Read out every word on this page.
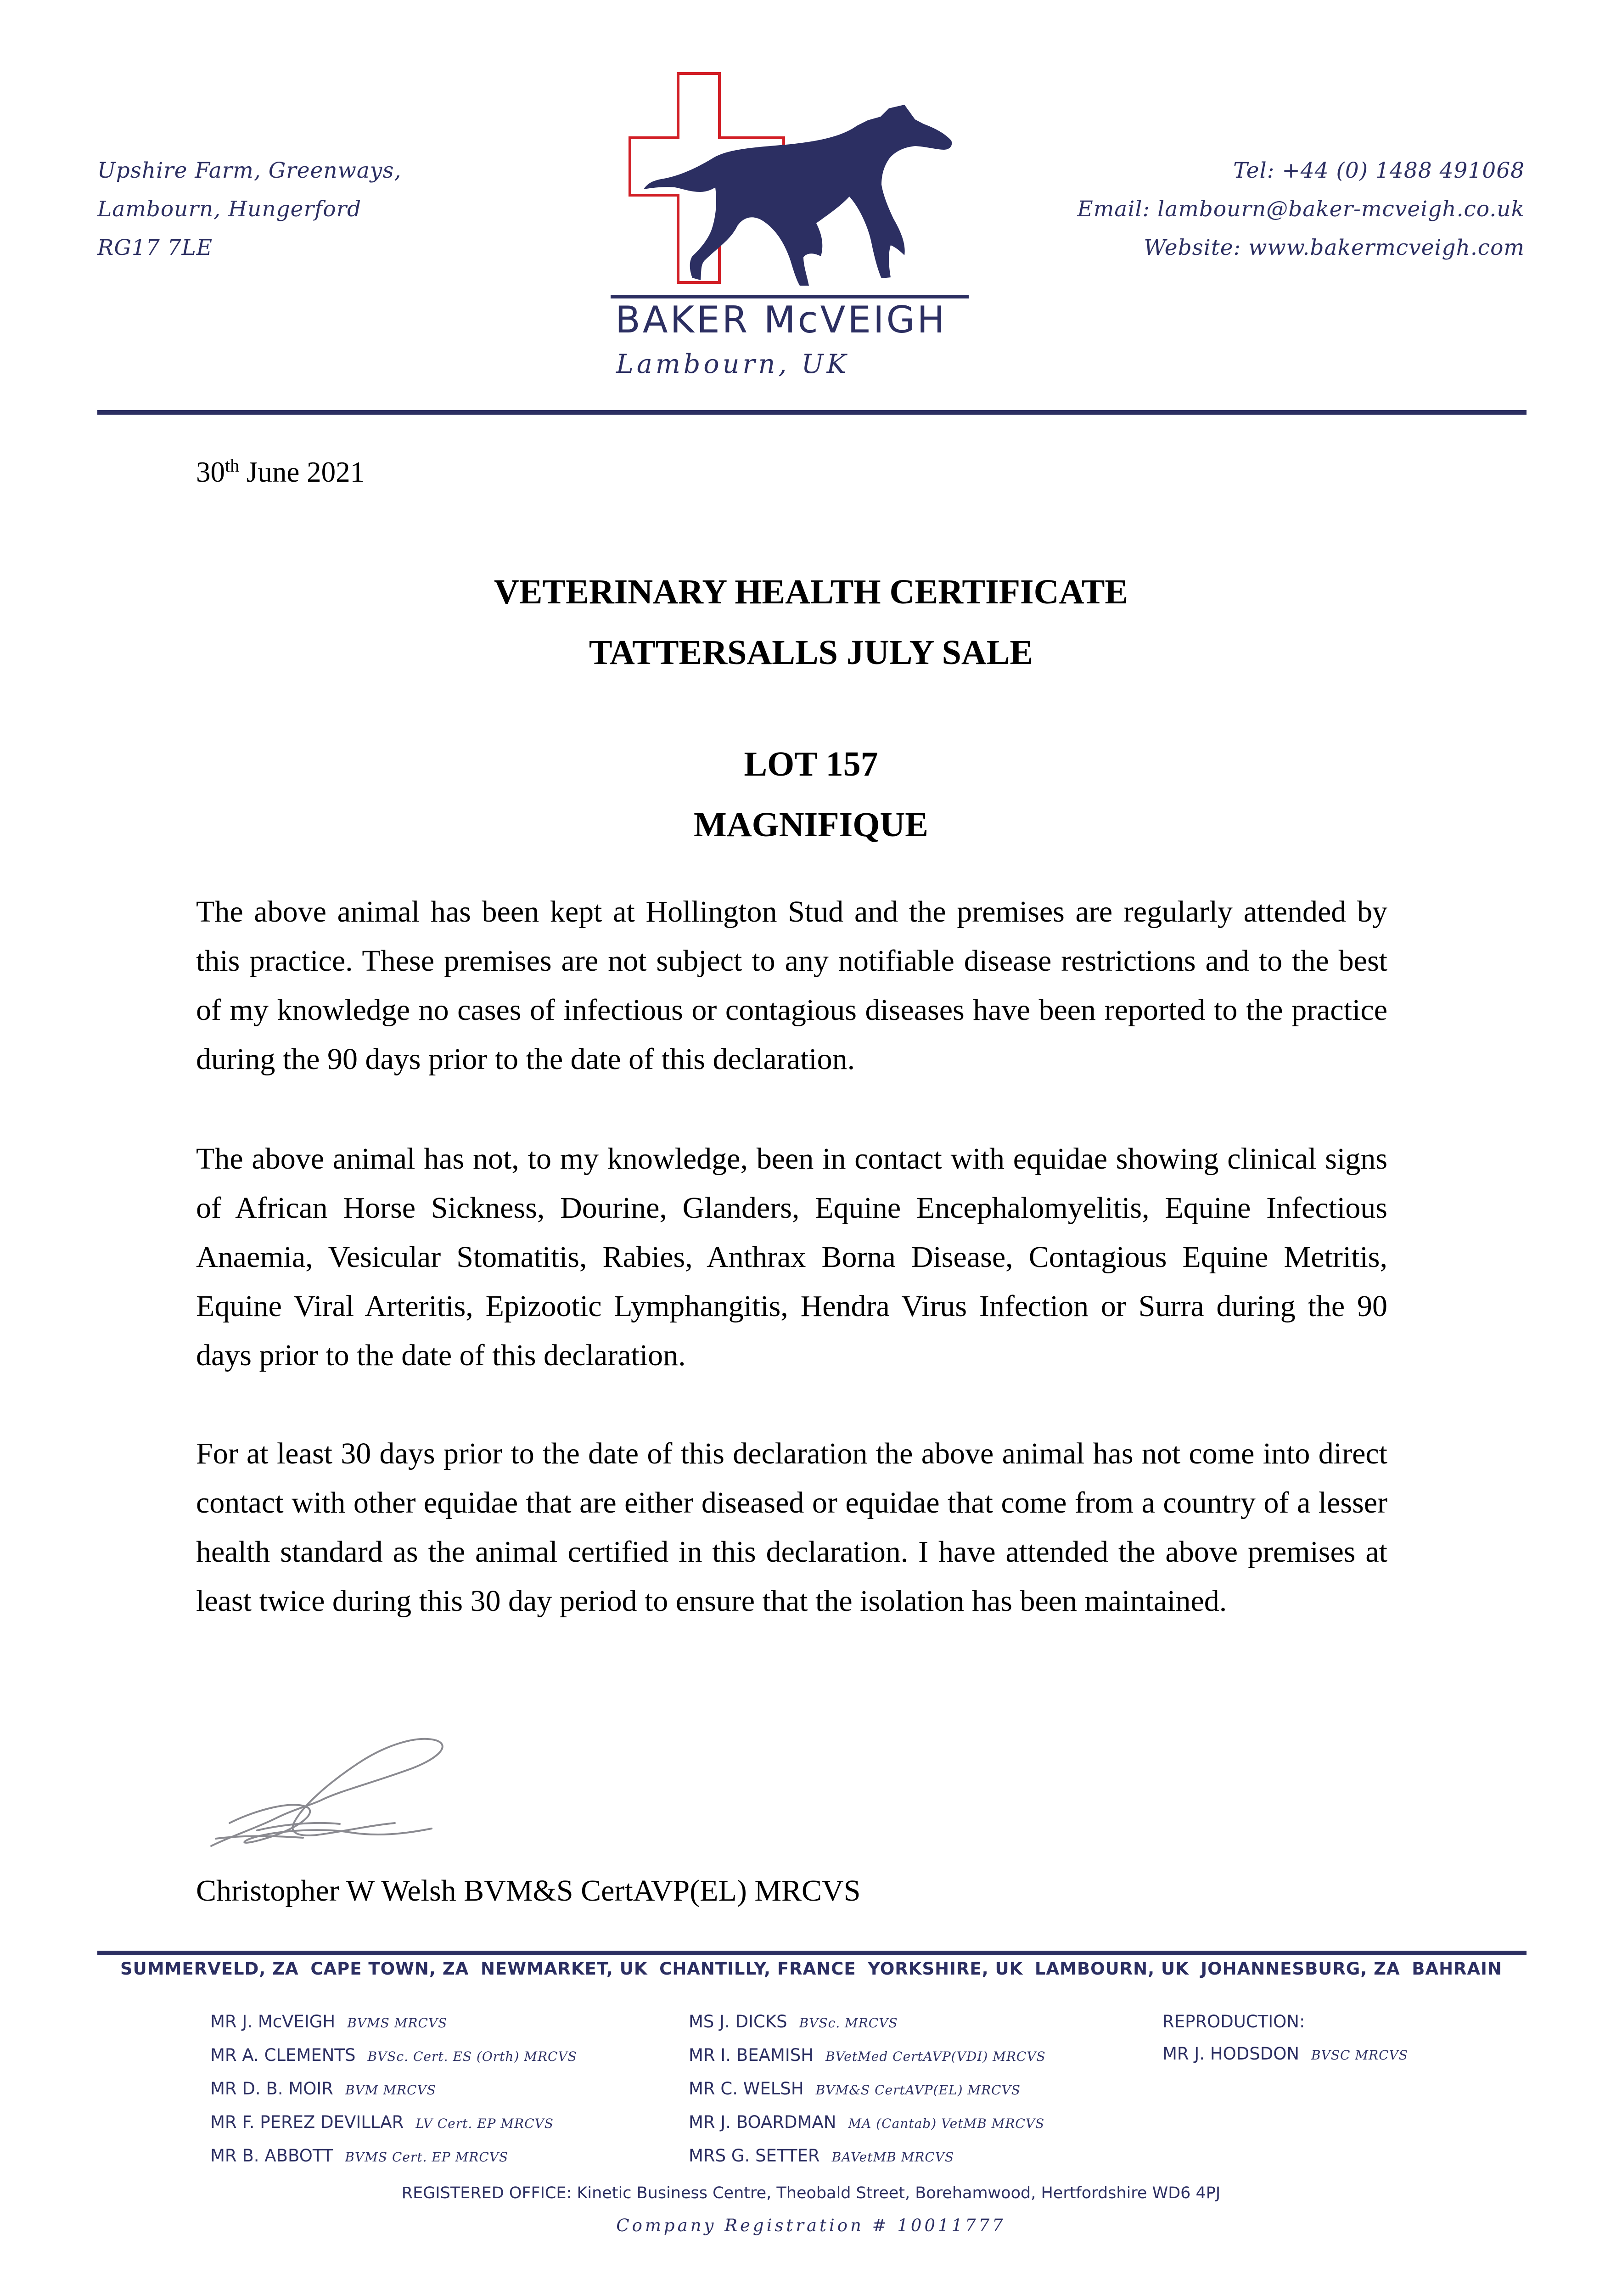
Upshire Farm, Greenways,
Lambourn, Hungerford
RG17 7LE
BAKER McVEIGH
Lambourn, UK
Tel: +44 (0) 1488 491068
Email: lambourn@baker-mcveigh.co.uk
Website: www.bakermcveigh.com
30th June 2021
VETERINARY HEALTH CERTIFICATE
TATTERSALLS JULY SALE
LOT 157
MAGNIFIQUE
The above animal has been kept at Hollington Stud and the premises are regularly attended by this practice. These premises are not subject to any notifiable disease restrictions and to the best of my knowledge no cases of infectious or contagious diseases have been reported to the practice during the 90 days prior to the date of this declaration.
The above animal has not, to my knowledge, been in contact with equidae showing clinical signs of African Horse Sickness, Dourine, Glanders, Equine Encephalomyelitis, Equine Infectious Anaemia, Vesicular Stomatitis, Rabies, Anthrax Borna Disease, Contagious Equine Metritis, Equine Viral Arteritis, Epizootic Lymphangitis, Hendra Virus Infection or Surra during the 90 days prior to the date of this declaration.
For at least 30 days prior to the date of this declaration the above animal has not come into direct contact with other equidae that are either diseased or equidae that come from a country of a lesser health standard as the animal certified in this declaration. I have attended the above premises at least twice during this 30 day period to ensure that the isolation has been maintained.
Christopher W Welsh BVM&S CertAVP(EL) MRCVS
SUMMERVELD, ZA CAPE TOWN, ZA NEWMARKET, UK CHANTILLY, FRANCE YORKSHIRE, UK LAMBOURN, UK JOHANNESBURG, ZA BAHRAIN
MR J. McVEIGH BVMS MRCVS
MR A. CLEMENTS BVSc. Cert. ES (Orth) MRCVS
MR D. B. MOIR BVM MRCVS
MR F. PEREZ DEVILLAR LV Cert. EP MRCVS
MR B. ABBOTT BVMS Cert. EP MRCVS
MS J. DICKS BVSc. MRCVS
MR I. BEAMISH BVetMed CertAVP(VDI) MRCVS
MR C. WELSH BVM&S CertAVP(EL) MRCVS
MR J. BOARDMAN MA (Cantab) VetMB MRCVS
MRS G. SETTER BAVetMB MRCVS
REPRODUCTION:
MR J. HODSDON BVSC MRCVS
REGISTERED OFFICE: Kinetic Business Centre, Theobald Street, Borehamwood, Hertfordshire WD6 4PJ
Company Registration # 10011777
